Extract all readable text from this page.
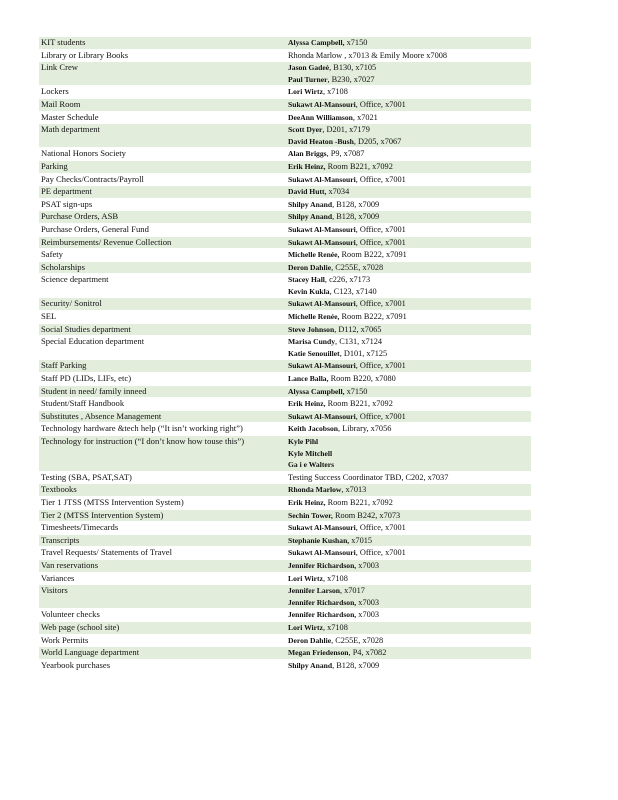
KIT students	Alyssa Campbell, x7150

Library or Library Books	Rhonda Marlow , x7013 & Emily Moore x7008

Link Crew	Jason Gadeè, B130, x7105
Paul Turner, B230, x7027

Lockers	Lori Wirtz, x7108

Mail Room	Sukawt Al-Mansouri, Office, x7001

Master Schedule	DeeAnn Williamson, x7021

Math department	Scott Dyer, D201, x7179
David Heaton -Bush, D205, x7067

National Honors Society	Alan Briggs, P9, x7087

Parking	Erik Heinz, Room B221, x7092

Pay Checks/Contracts/Payroll	Sukawt Al-Mansouri, Office, x7001

PE department	David Hutt, x7034

PSAT sign-ups	Shilpy Anand, B128, x7009

Purchase Orders, ASB	Shilpy Anand, B128, x7009

Purchase Orders, General Fund	Sukawt Al-Mansouri, Office, x7001

Reimbursements/ Revenue Collection	Sukawt Al-Mansouri, Office, x7001

Safety	Michelle Renée, Room B222, x7091

Scholarships	Deron Dahlie, C255E, x7028

Science department	Stacey Hall, c226, x7173
Kevin Kukla, C123, x7140

Security/ Sonitrol	Sukawt Al-Mansouri, Office, x7001

SEL	Michelle Renée, Room B222, x7091

Social Studies department	Steve Johnson, D112, x7065

Special Education department	Marisa Cundy, C131, x7124
Katie Senouillet, D101, x7125

Staff Parking	Sukawt Al-Mansouri, Office, x7001

Staff PD (LIDs, LIFs, etc)	Lance Balla, Room B220, x7080

Student in need/ family inneed	Alyssa Campbell, x7150

Student/Staff Handbook	Erik Heinz, Room B221, x7092

Substitutes , Absence Management	Sukawt Al-Mansouri, Office, x7001

Technology hardware &tech help (“It isn’t working right”)	Keith Jacobson, Library, x7056

Technology for instruction (“I don’t know how touse this”)	Kyle Pihl
Kyle Mitchell
Ga i e Walters

Testing (SBA, PSAT,SAT)	Testing Success Coordinator TBD, C202, x7037

Textbooks	Rhonda Marlow, x7013

Tier 1 JTSS (MTSS Intervention System)	Erik Heinz, Room B221, x7092

Tier 2 (MTSS Intervention System)	Sechin Tower, Room B242, x7073

Timesheets/Timecards	Sukawt Al-Mansouri, Office, x7001

Transcripts	Stephanie Kushan, x7015

Travel Requests/ Statements of Travel	Sukawt Al-Mansouri, Office, x7001

Van reservations	Jennifer Richardson, x7003

Variances	Lori Wirtz, x7108

Visitors	Jennifer Larson, x7017
Jennifer Richardson, x7003

Volunteer checks	Jennifer Richardson, x7003

Web page (school site)	Lori Wirtz, x7108

Work Permits	Deron Dahlie, C255E, x7028

World Language department	Megan Friedenson, P4, x7082

Yearbook purchases	Shilpy Anand, B128, x7009
